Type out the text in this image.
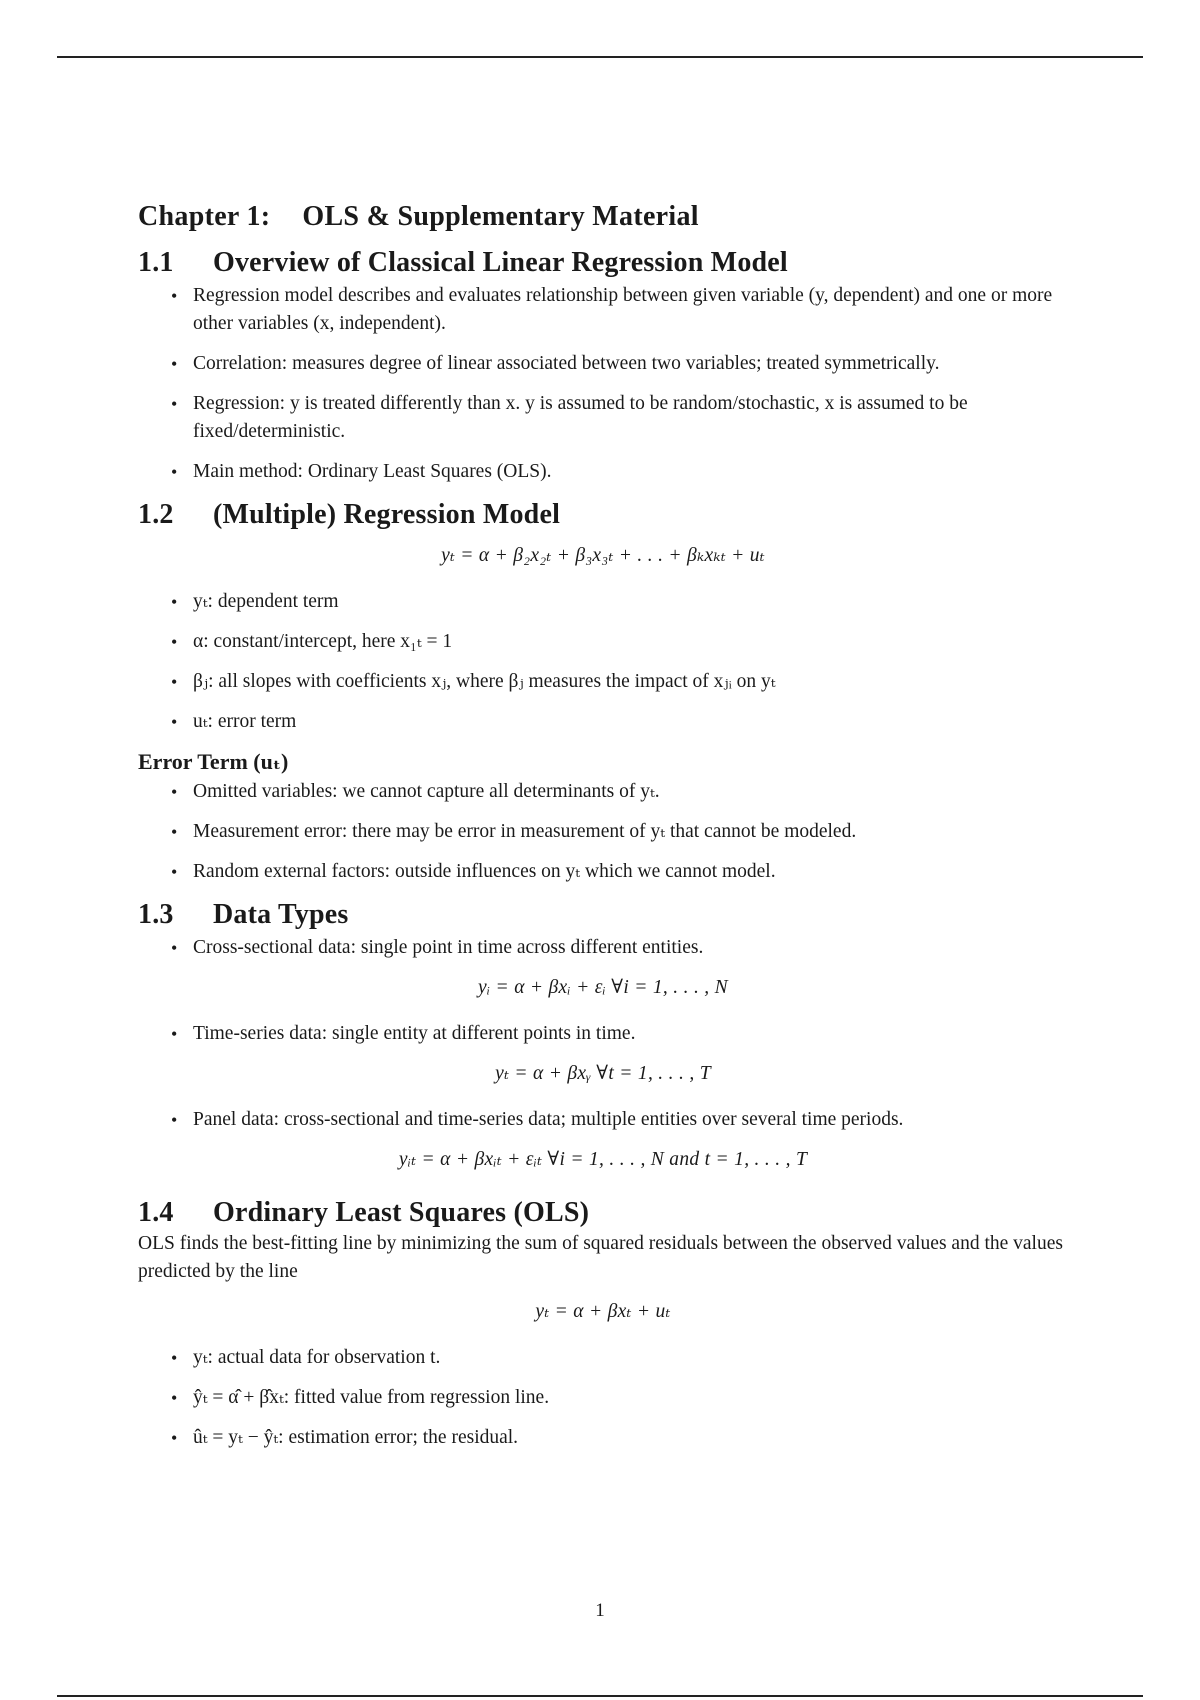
Chapter 1: OLS & Supplementary Material
1.1 Overview of Classical Linear Regression Model
• Regression model describes and evaluates relationship between given variable (y, dependent) and one or more other variables (x, independent).
• Correlation: measures degree of linear associated between two variables; treated symmetrically.
• Regression: y is treated differently than x. y is assumed to be random/stochastic, x is assumed to be fixed/deterministic.
• Main method: Ordinary Least Squares (OLS).
1.2 (Multiple) Regression Model
yₜ = α + β₂x₂ₜ + β₃x₃ₜ + . . . + βₖxₖₜ + uₜ
• yₜ: dependent term
• α: constant/intercept, here x₁ₜ = 1
• βⱼ: all slopes with coefficients xⱼ, where βⱼ measures the impact of xⱼᵢ on yₜ
• uₜ: error term
Error Term (uₜ)
• Omitted variables: we cannot capture all determinants of yₜ.
• Measurement error: there may be error in measurement of yₜ that cannot be modeled.
• Random external factors: outside influences on yₜ which we cannot model.
1.3 Data Types
• Cross-sectional data: single point in time across different entities.
yᵢ = α + βxᵢ + εᵢ ∀i = 1, . . . , N
• Time-series data: single entity at different points in time.
yₜ = α + βxᵧ ∀t = 1, . . . , T
• Panel data: cross-sectional and time-series data; multiple entities over several time periods.
yᵢₜ = α + βxᵢₜ + εᵢₜ ∀i = 1, . . . , N and t = 1, . . . , T
1.4 Ordinary Least Squares (OLS)

OLS finds the best-fitting line by minimizing the sum of squared residuals between the observed values and the values predicted by the line

yₜ = α + βxₜ + uₜ
• yₜ: actual data for observation t.
• ŷₜ = α̂ + β̂xₜ: fitted value from regression line.
• ûₜ = yₜ − ŷₜ: estimation error; the residual.
1
